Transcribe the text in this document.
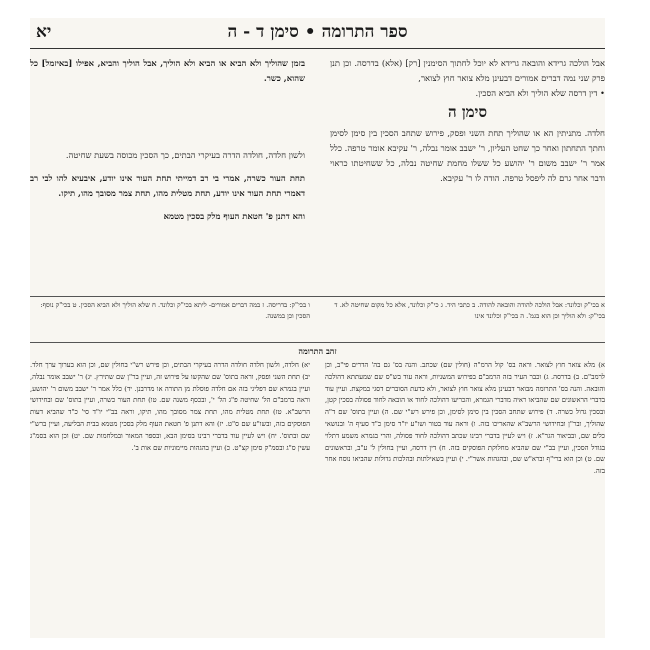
ספר התרומה
•
סימן ד - ה
יא

אבל הולכה גרידא והובאה גרידא לא יוכל לחתוך הסימנין [רק] (אלא) בדרסה. וכן תנן פרק שני נמה דברים אמורים דבעינן מלא צואר חוץ לצואר,

• דין דרסה שלא הוליך ולא הביא הסכין.

סימן ה

חלדה. מתניתין הא או שהוליך תחת השני ופסק, פירוש שתחב הסכין בין סימן לסימן וחתך התחתון ואחר כך שחט העליון, ר' ישבב אומר נבלה, ר' עקיבא אומר טרפה. כלל אמר ר' ישבב משום ר' יהושע כל ששלו מחמת שחיטה נבלה, כל ששחיטתו כראוי ודבר אחר גרם לה ליפסל טרפה. הודה לו ר' עקיבא.

בזמן שהוליך ולא הביא או הביא ולא הוליך, אבל הוליך והביא, אפילו [באיזמל] כל שהוא, כשר.

ולשון חלדה, חולדה הדרה בעיקרי הבתים, כך הסכין מכוסה בשעת שחיטה.

תחת העור כשרה, אמרי בי רב דמייתי תחת העור אינו יודע, איבעיא להו לבי רב דאמרי תחת העור אינו יודע, תחת מטלית מהו, תחת צמר מסובך מהו, תיקו.

והא דתנן פ' חטאת העוף מלק בסכין מטמא

א בכי"ק וכלונד: אבל הולכה להודה והובאה להודה. ב כתבי היד. ג כי"ק וכלונד, אלא כל מקום שחיטה לא. ד בכי"ק: ולא הוליך וכן הוא בגמ'. ה בכי"ק וכלונד אינו
ו בכי"ק: בדריסה. ז במה דברים אמורים- ליתא בכי"ק וכלונד. ח שלא הוליך ולא הביא הסכין. ט בכי"ק נוסף: הסכין וכן במשנה.
זהב התרומה
א) מלא צואר חוץ לצואר. וראה בס' קול הרמ"ה (חולין שם) שכתב. והנה בס' גם בה' הדרים פי"ב, וכן לרמב"ם. ב) בדרסה. ג) וכבר העיר בזה הרמב"ם בפירוש המשניות, וראה עוד בש"ס שם שמעתתא דהולכה והובאה. והנה בס' התרומה מבואר דבעינן מלא צואר חוץ לצואר, ולא כדעת הסוברים דסגי במקצת. ועיין עוד בדברי הראשונים שם שהביאו ראיה מדברי הגמרא, והכריעו דהולכה לחוד או הובאה לחוד פסולה בסכין קטן, ובסכין גדול כשרה. ד) פירוש שתחב הסכין בין סימן לסימן, וכן פירש רש"י שם. ה) ועיין בתוס' שם ד"ה שהוליך, ובר"ן ובחידושי הרשב"א שהאריכו בזה. ו) וראה עוד בטור ושו"ע יו"ד סימן כ"ד סעיף ה' ובנושאי כלים שם, ובביאור הגר"א. ז) ויש לעיין בדברי רבינו שכתב דהולכה לחוד פסולה, והרי בגמרא משמע דתלוי בגודל הסכין, ועיין בב"י שם שהביא מחלוקת הפוסקים בזה. ח) דין דרסה, ועיין בחולין ל' ע"ב, ובראשונים שם. ט) וכן הוא ברי"ף וברא"ש שם, ובהגהות אשר"י. י) ועיין בשאילתות ובהלכות גדולות שהביאו נוסח אחר בזה.
יא) חלדה, ולשון חלדה חולדה הדרה בעיקרי הבתים, וכן פירש רש"י בחולין שם, וכן הוא בערוך ערך חלד. יב) תחת השני ופסק, וראה בתוס' שם שהקשו על פירוש זה, ועיין בר"ן שם שתירץ. יג) ר' ישבב אומר נבלה, ועיין בגמרא שם דפליגי בזה אם חלדה פוסלת מן התורה או מדרבנן. יד) כלל אמר ר' ישבב משום ר' יהושע, וראה ברמב"ם הל' שחיטה פ"ג הל' י', ובכסף משנה שם. טו) תחת העור כשרה, ועיין בתוס' שם ובחידושי הרשב"א. טז) תחת מטלית מהו, תחת צמר מסובך מהו, תיקו, וראה בב"י יו"ד סי' כ"ד שהביא דעות הפוסקים בזה, ובשו"ע שם ס"ט. יז) והא דתנן פ' חטאת העוף מלק בסכין מטמא בבית הבליעה, ועיין ברש"י שם ובתוס'. יח) ויש לעיין עוד בדברי רבינו בסימן הבא, ובספר המאור ובמלחמות שם. יט) וכן הוא בסמ"ג עשין ס"ג ובסמ"ק סימן קצ"ט. כ) ועיין בהגהות מיימוניות שם אות ב'.
